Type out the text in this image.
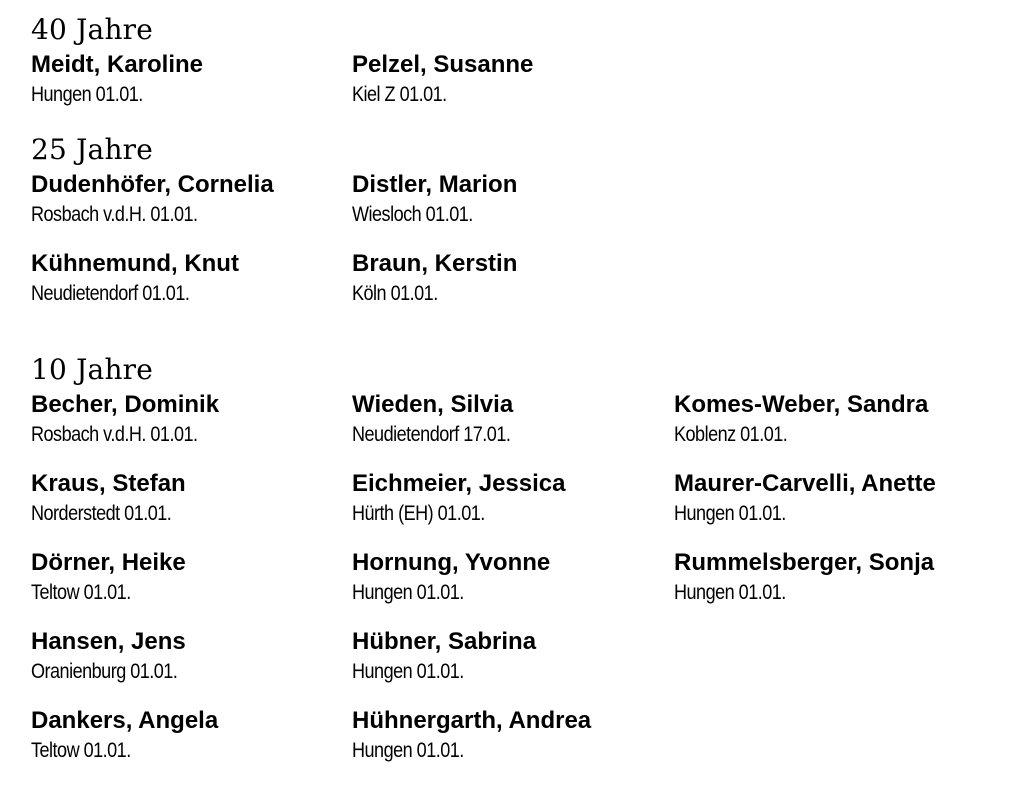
40 Jahre
Meidt, Karoline
Hungen 01.01.
Pelzel, Susanne
Kiel Z 01.01.
25 Jahre
Dudenhöfer, Cornelia
Rosbach v.d.H. 01.01.
Distler, Marion
Wiesloch 01.01.
Kühnemund, Knut
Neudietendorf 01.01.
Braun, Kerstin
Köln 01.01.
10 Jahre
Becher, Dominik
Rosbach v.d.H. 01.01.
Wieden, Silvia
Neudietendorf 17.01.
Komes-Weber, Sandra
Koblenz 01.01.
Kraus, Stefan
Norderstedt 01.01.
Eichmeier, Jessica
Hürth (EH) 01.01.
Maurer-Carvelli, Anette
Hungen 01.01.
Dörner, Heike
Teltow 01.01.
Hornung, Yvonne
Hungen 01.01.
Rummelsberger, Sonja
Hungen 01.01.
Hansen, Jens
Oranienburg 01.01.
Hübner, Sabrina
Hungen 01.01.
Dankers, Angela
Teltow 01.01.
Hühnergarth, Andrea
Hungen 01.01.
